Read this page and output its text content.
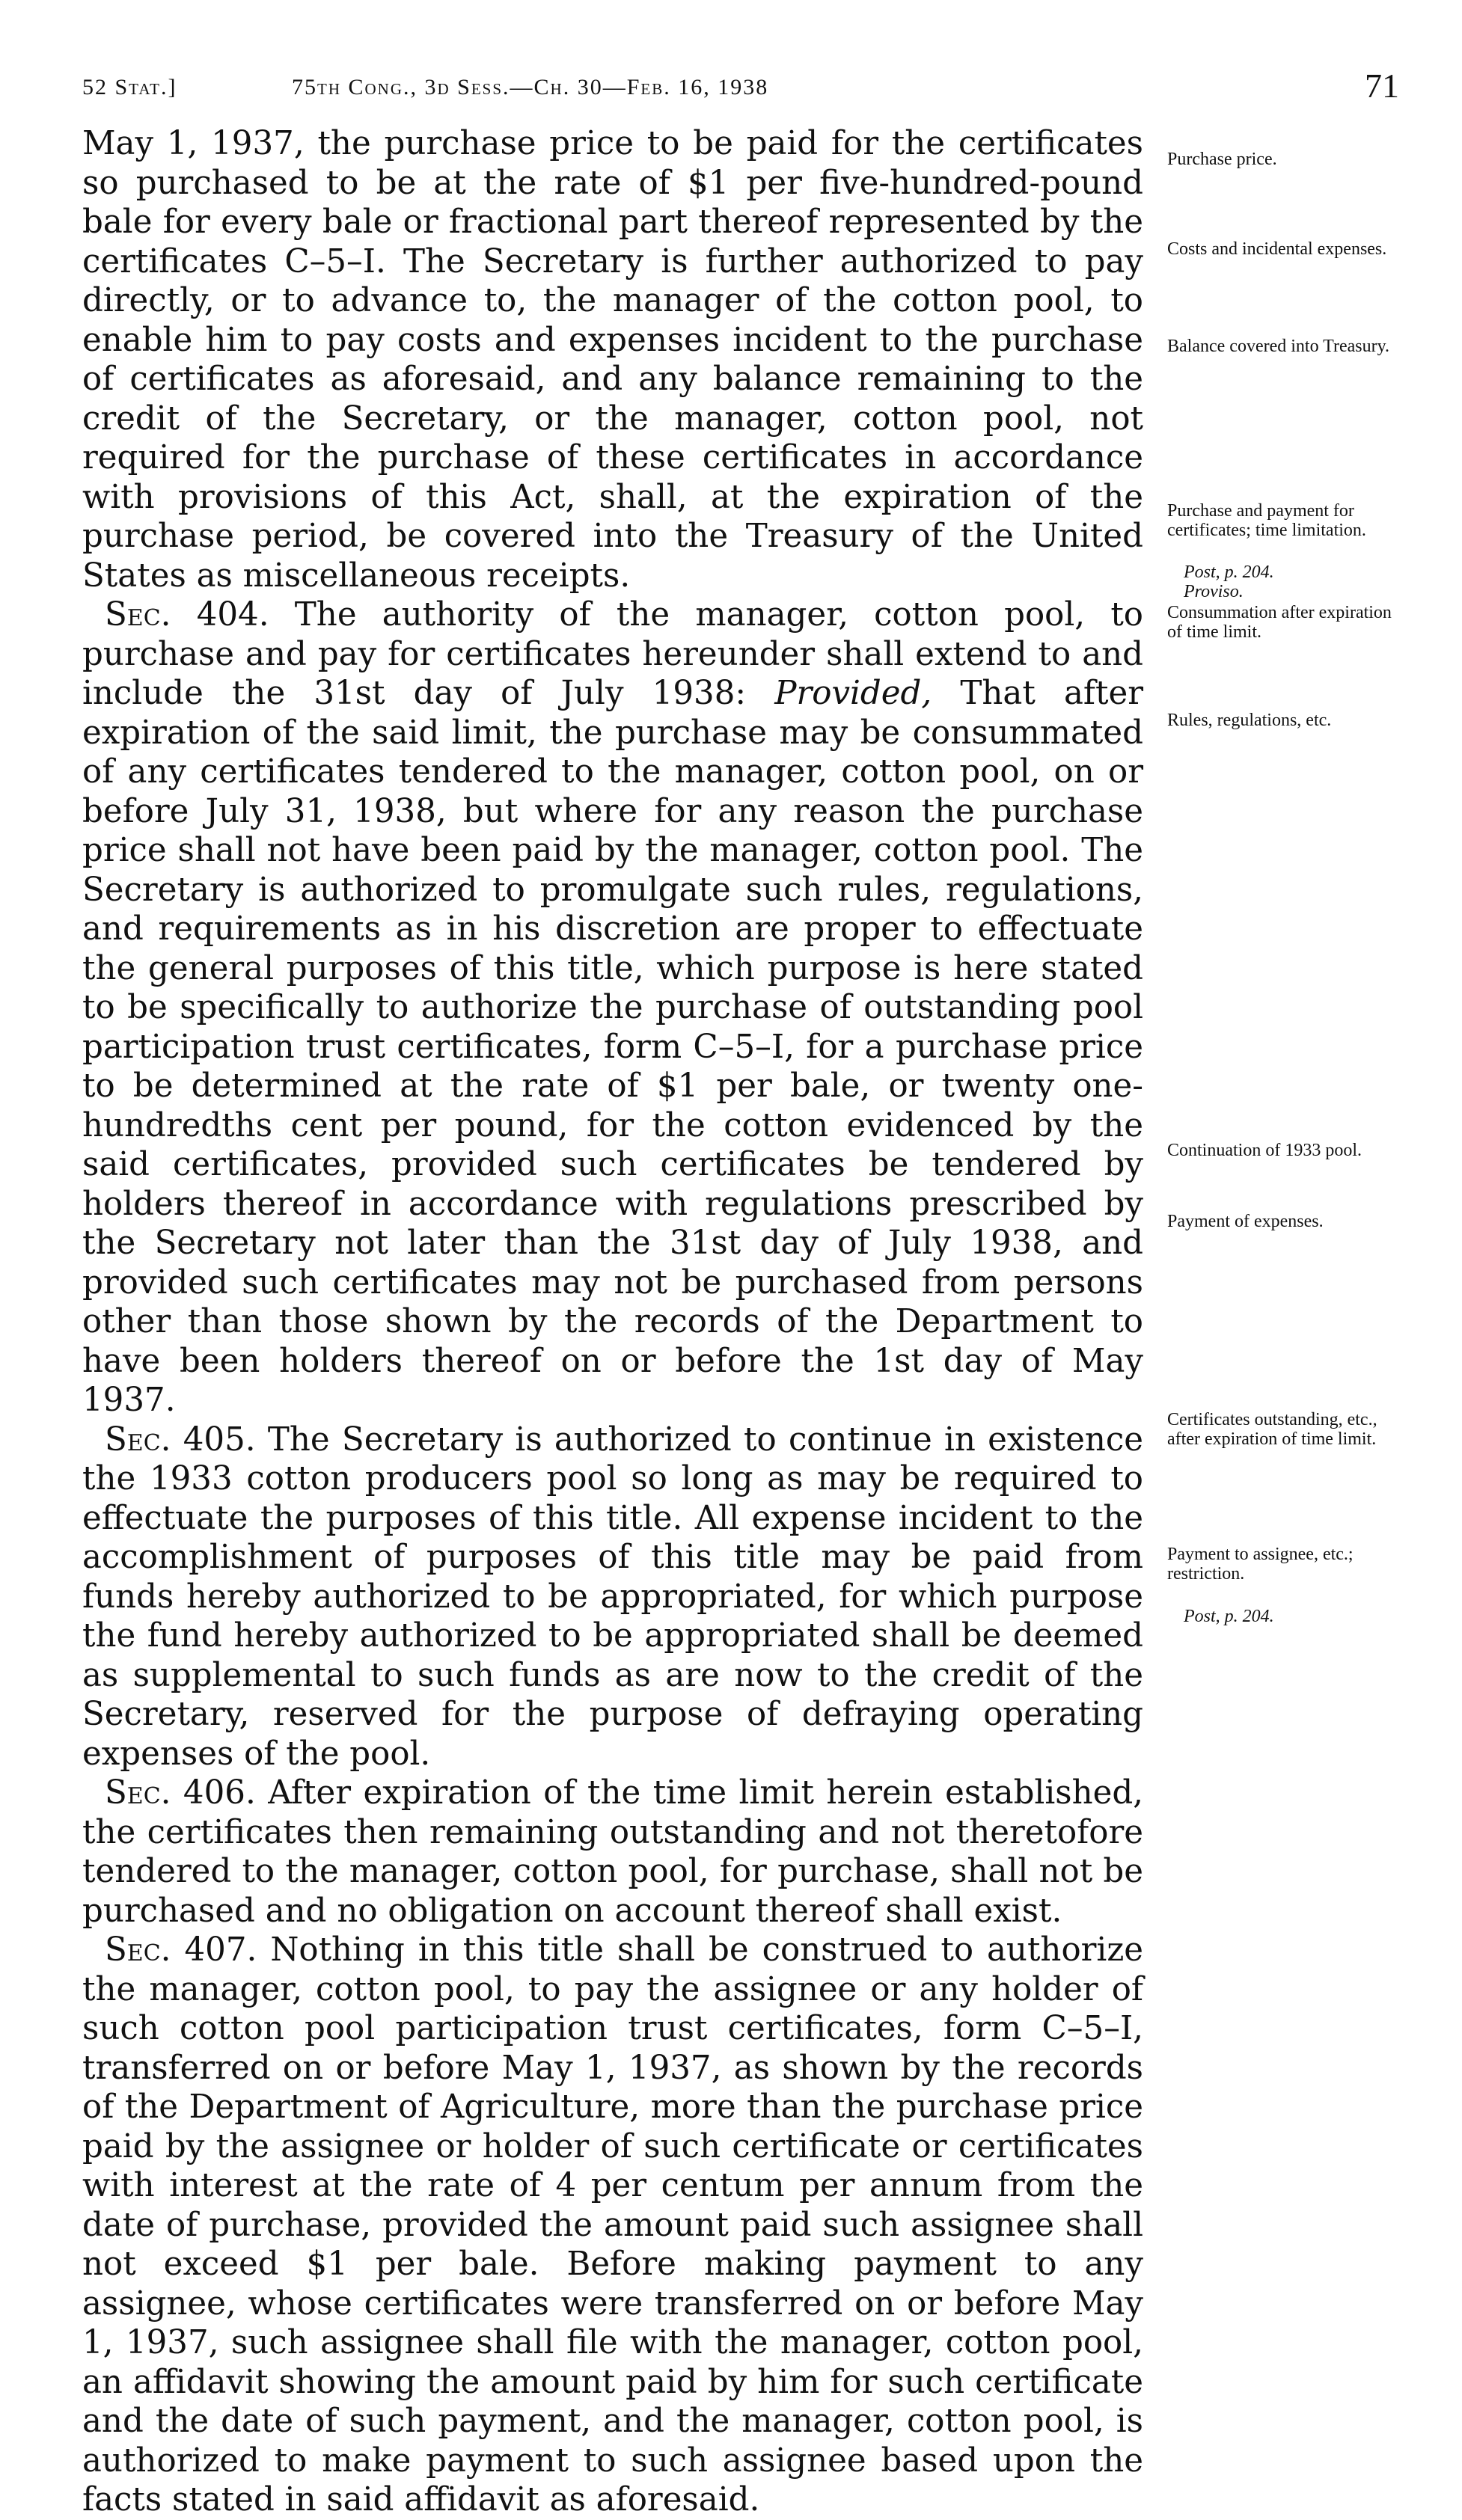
52 Stat.]	75th Cong., 3d Sess.—Ch. 30—Feb. 16, 1938	71

May 1, 1937, the purchase price to be paid for the certificates so purchased to be at the rate of $1 per five-hundred-pound bale for every bale or fractional part thereof represented by the certificates C–5–I. The Secretary is further authorized to pay directly, or to advance to, the manager of the cotton pool, to enable him to pay costs and expenses incident to the purchase of certificates as aforesaid, and any balance remaining to the credit of the Secretary, or the manager, cotton pool, not required for the purchase of these certificates in accordance with provisions of this Act, shall, at the expiration of the purchase period, be covered into the Treasury of the United States as miscellaneous receipts.

Sec. 404. The authority of the manager, cotton pool, to purchase and pay for certificates hereunder shall extend to and include the 31st day of July 1938: Provided, That after expiration of the said limit, the purchase may be consummated of any certificates tendered to the manager, cotton pool, on or before July 31, 1938, but where for any reason the purchase price shall not have been paid by the manager, cotton pool. The Secretary is authorized to promulgate such rules, regulations, and requirements as in his discretion are proper to effectuate the general purposes of this title, which purpose is here stated to be specifically to authorize the purchase of outstanding pool participation trust certificates, form C–5–I, for a purchase price to be determined at the rate of $1 per bale, or twenty one-hundredths cent per pound, for the cotton evidenced by the said certificates, provided such certificates be tendered by holders thereof in accordance with regulations prescribed by the Secretary not later than the 31st day of July 1938, and provided such certificates may not be purchased from persons other than those shown by the records of the Department to have been holders thereof on or before the 1st day of May 1937.

Sec. 405. The Secretary is authorized to continue in existence the 1933 cotton producers pool so long as may be required to effectuate the purposes of this title. All expense incident to the accomplishment of purposes of this title may be paid from funds hereby authorized to be appropriated, for which purpose the fund hereby authorized to be appropriated shall be deemed as supplemental to such funds as are now to the credit of the Secretary, reserved for the purpose of defraying operating expenses of the pool.

Sec. 406. After expiration of the time limit herein established, the certificates then remaining outstanding and not theretofore tendered to the manager, cotton pool, for purchase, shall not be purchased and no obligation on account thereof shall exist.

Sec. 407. Nothing in this title shall be construed to authorize the manager, cotton pool, to pay the assignee or any holder of such cotton pool participation trust certificates, form C–5–I, transferred on or before May 1, 1937, as shown by the records of the Department of Agriculture, more than the purchase price paid by the assignee or holder of such certificate or certificates with interest at the rate of 4 per centum per annum from the date of purchase, provided the amount paid such assignee shall not exceed $1 per bale. Before making payment to any assignee, whose certificates were transferred on or before May 1, 1937, such assignee shall file with the manager, cotton pool, an affidavit showing the amount paid by him for such certificate and the date of such payment, and the manager, cotton pool, is authorized to make payment to such assignee based upon the facts stated in said affidavit as aforesaid.

Purchase price.
Costs and incidental expenses.
Balance covered into Treasury.
Purchase and payment for certificates; time limitation.
Post, p. 204.
Proviso.
Consummation after expiration of time limit.
Rules, regulations, etc.
Continuation of 1933 pool.
Payment of expenses.
Certificates outstanding, etc., after expiration of time limit.
Payment to assignee, etc.; restriction.
Post, p. 204.
